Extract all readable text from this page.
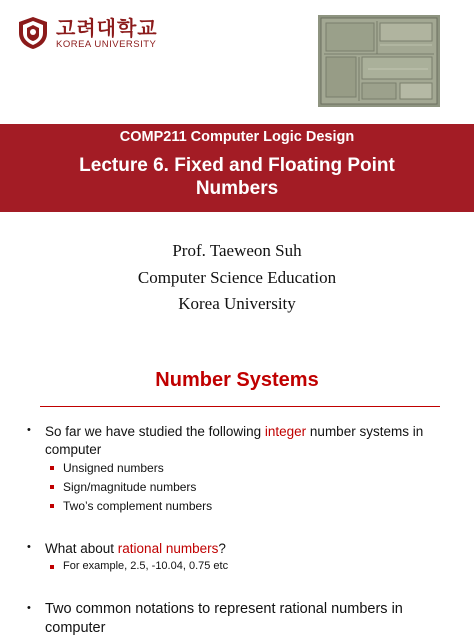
고려대학교
KOREA UNIVERSITY
COMP211 Computer Logic Design
Lecture 6. Fixed and Floating Point
Numbers
Prof. Taeweon Suh
Computer Science Education
Korea University
Number Systems
• So far we have studied the following integer number systems in
computer
Unsigned numbers
Sign/magnitude numbers
Two’s complement numbers
• What about rational numbers?
For example, 2.5, -10.04, 0.75 etc
• Two common notations to represent rational numbers in
computer
